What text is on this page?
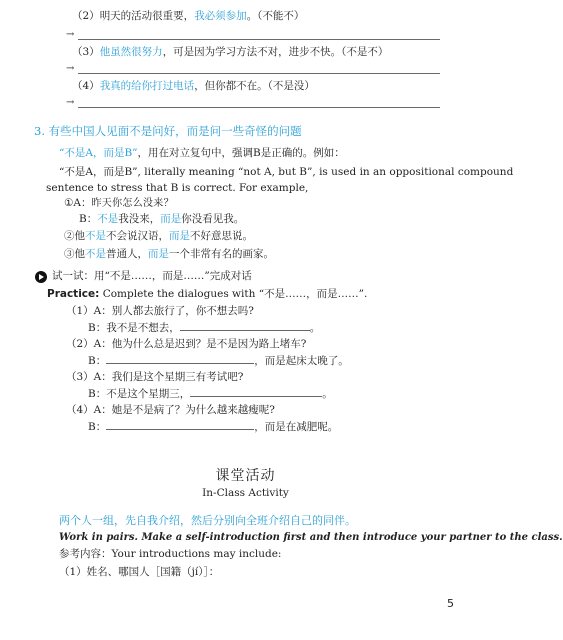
（2）明天的活动很重要，我必须参加。（不能不）
→
（3）他虽然很努力，可是因为学习方法不对，进步不快。（不是不）
→
（4）我真的给你打过电话，但你都不在。（不是没）
→
3. 有些中国人见面不是问好，而是问一些奇怪的问题
“不是A，而是B”，用在对立复句中，强调B是正确的。例如：
“不是A，而是B”, literally meaning “not A, but B”, is used in an oppositional compound
sentence to stress that B is correct. For example,
①A：昨天你怎么没来？
B：不是我没来，而是你没看见我。
②他不是不会说汉语，而是不好意思说。
③他不是普通人，而是一个非常有名的画家。
试一试：用“不是……，而是……”完成对话
Practice: Complete the dialogues with “不是……，而是……”.
（1）A：别人都去旅行了，你不想去吗?
B：我不是不想去，	。
（2）A：他为什么总是迟到？是不是因为路上堵车?
B：	，而是起床太晚了。
（3）A：我们是这个星期三有考试吧?
B：不是这个星期三，	。
（4）A：她是不是病了？为什么越来越瘦呢?
B：	，而是在减肥呢。
课堂活动
In-Class Activity
两个人一组，先自我介绍，然后分别向全班介绍自己的同伴。
Work in pairs. Make a self-introduction first and then introduce your partner to the class.
参考内容：Your introductions may include:
（1）姓名、哪国人［国籍（jí）］：
5
